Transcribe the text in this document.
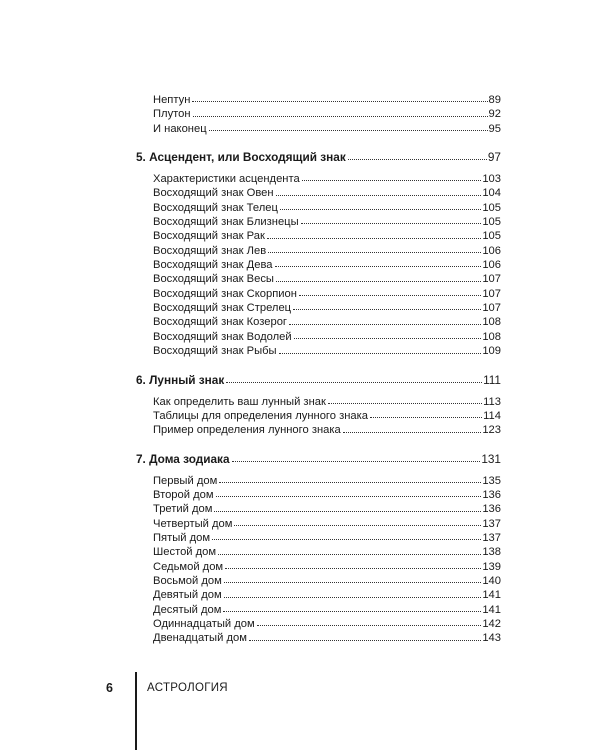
Нептун	89
Плутон	92
И наконец	95
5. Асцендент, или Восходящий знак	97
Характеристики асцендента	103
Восходящий знак Овен	104
Восходящий знак Телец	105
Восходящий знак Близнецы	105
Восходящий знак Рак	105
Восходящий знак Лев	106
Восходящий знак Дева	106
Восходящий знак Весы	107
Восходящий знак Скорпион	107
Восходящий знак Стрелец	107
Восходящий знак Козерог	108
Восходящий знак Водолей	108
Восходящий знак Рыбы	109
6. Лунный знак	111
Как определить ваш лунный знак	113
Таблицы для определения лунного знака	114
Пример определения лунного знака	123
7. Дома зодиака	131
Первый дом	135
Второй дом	136
Третий дом	136
Четвертый дом	137
Пятый дом	137
Шестой дом	138
Седьмой дом	139
Восьмой дом	140
Девятый дом	141
Десятый дом	141
Одиннадцатый дом	142
Двенадцатый дом	143
6	АСТРОЛОГИЯ
